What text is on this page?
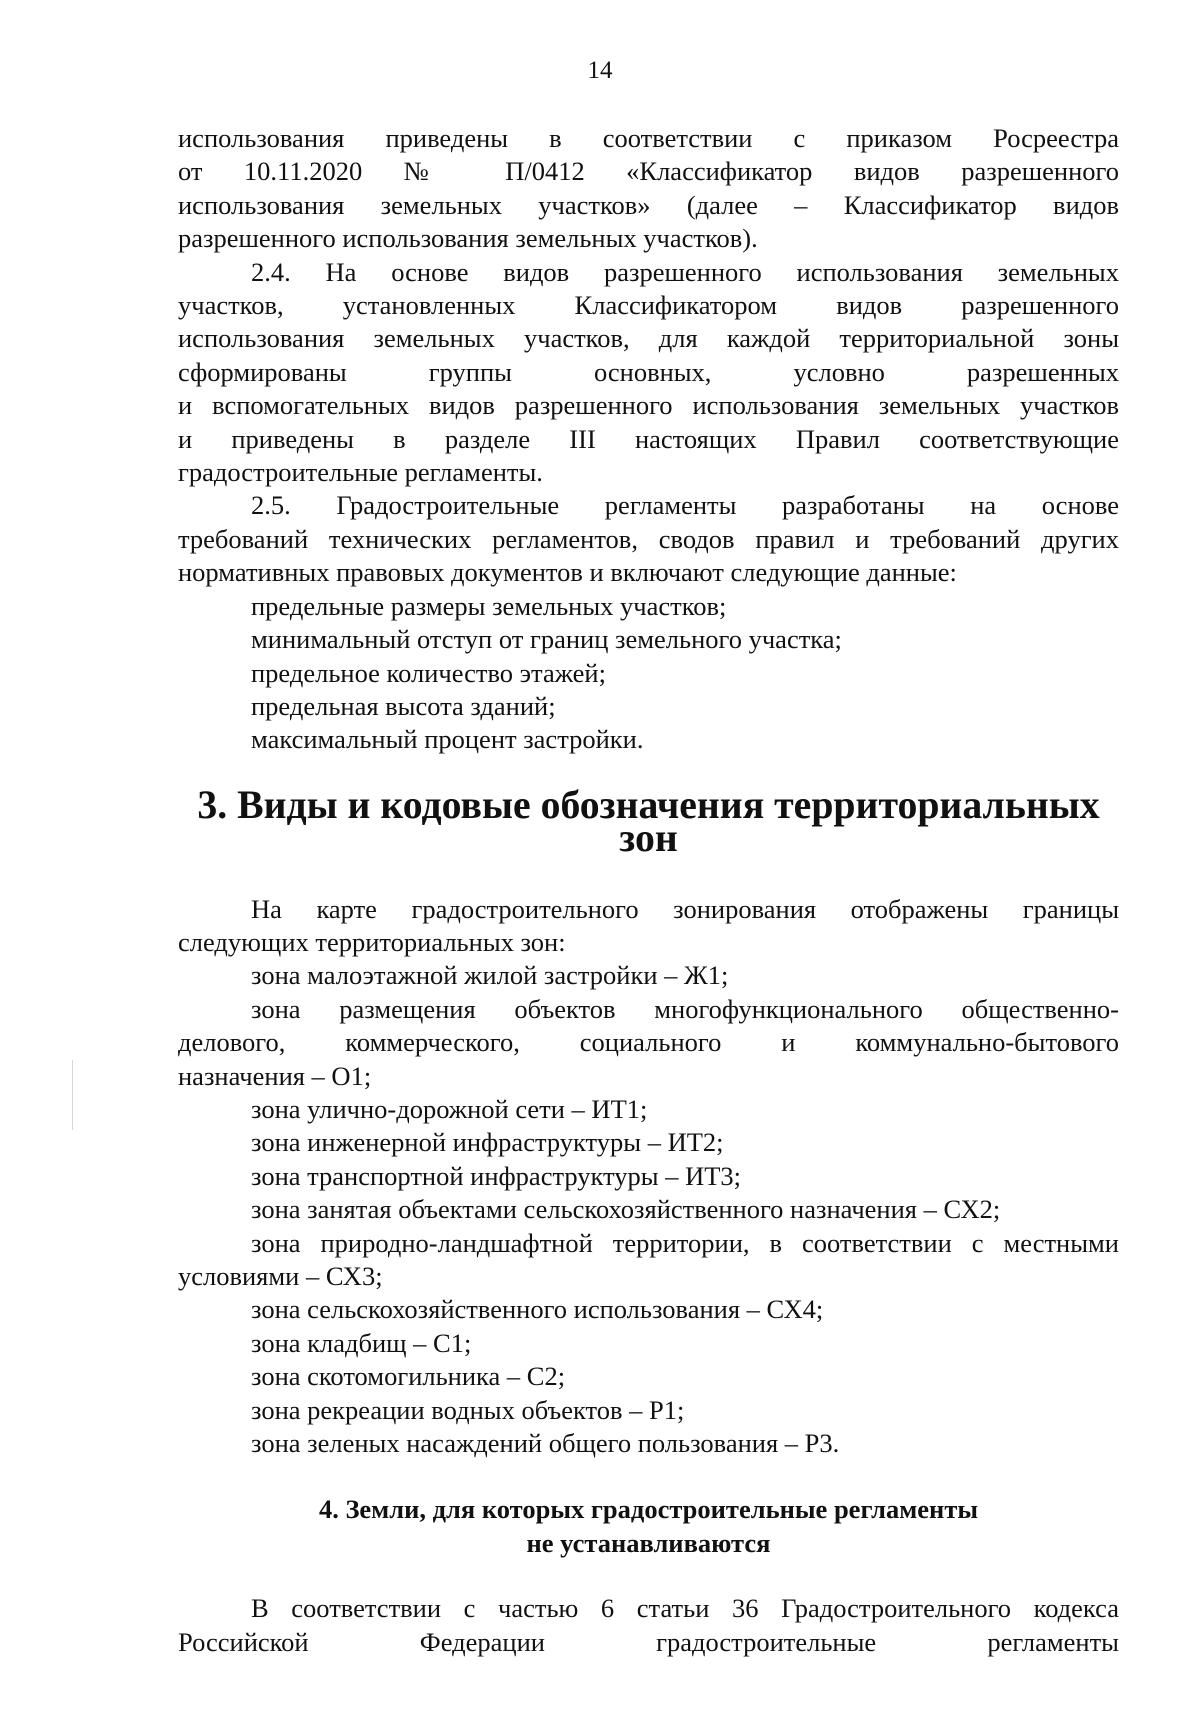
14

использования приведены в соответствии с приказом Росреестра

от 10.11.2020 № П/0412 «Классификатор видов разрешенного

использования земельных участков» (далее – Классификатор видов

разрешенного использования земельных участков).

2.4. На основе видов разрешенного использования земельных

участков, установленных Классификатором видов разрешенного

использования земельных участков, для каждой территориальной зоны

сформированы группы основных, условно разрешенных

и вспомогательных видов разрешенного использования земельных участков

и приведены в разделе III настоящих Правил соответствующие

градостроительные регламенты.

2.5. Градостроительные регламенты разработаны на основе

требований технических регламентов, сводов правил и требований других

нормативных правовых документов и включают следующие данные:

предельные размеры земельных участков;

минимальный отступ от границ земельного участка;

предельное количество этажей;

предельная высота зданий;

максимальный процент застройки.

3. Виды и кодовые обозначения территориальных зон

На карте градостроительного зонирования отображены границы

следующих территориальных зон:

зона малоэтажной жилой застройки – Ж1;

зона размещения объектов многофункционального общественно-

делового, коммерческого, социального и коммунально-бытового

назначения – О1;

зона улично-дорожной сети – ИТ1;

зона инженерной инфраструктуры – ИТ2;

зона транспортной инфраструктуры – ИТ3;

зона занятая объектами сельскохозяйственного назначения – СХ2;

зона природно-ландшафтной территории, в соответствии с местными

условиями – СХ3;

зона сельскохозяйственного использования – СХ4;

зона кладбищ – С1;

зона скотомогильника – С2;

зона рекреации водных объектов – Р1;

зона зеленых насаждений общего пользования – Р3.

4. Земли, для которых градостроительные регламенты

не устанавливаются

В соответствии с частью 6 статьи 36 Градостроительного кодекса

Российской Федерации градостроительные регламенты
